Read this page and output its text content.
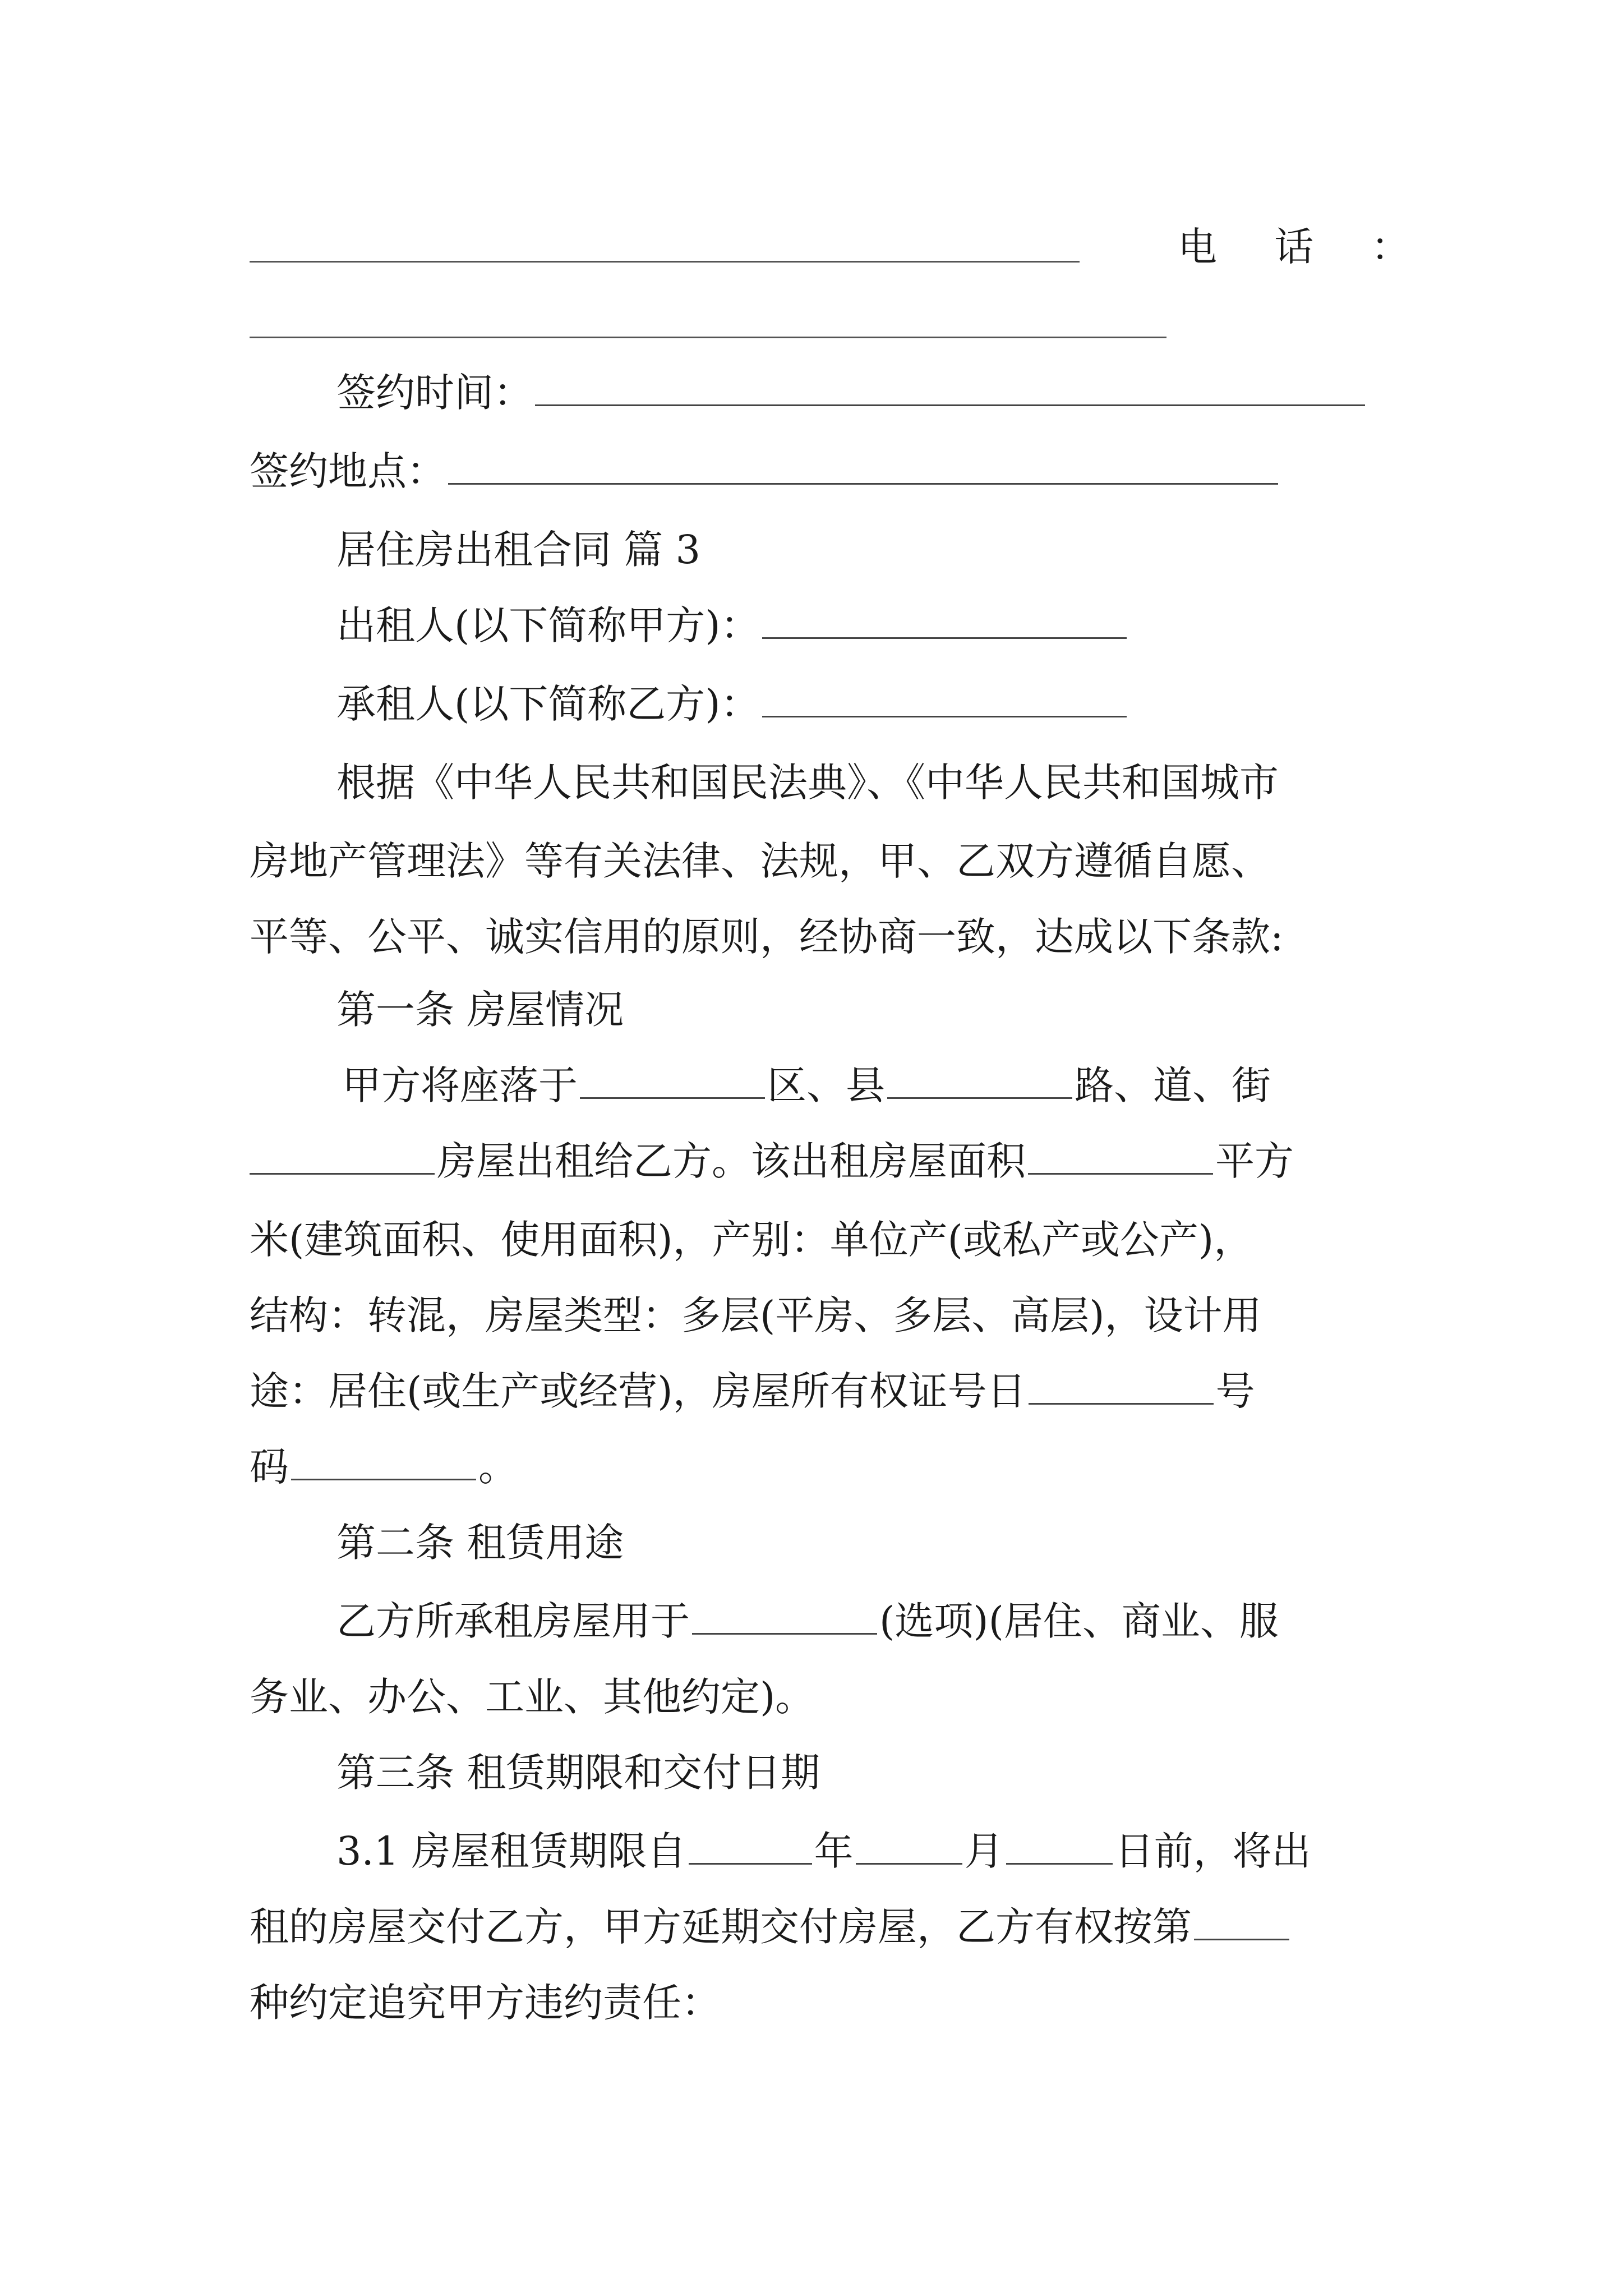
电 话 ：
签约时间：
签约地点：
居住房出租合同 篇 3
出租人(以下简称甲方)：
承租人(以下简称乙方)：
根据《中华人民共和国民法典》、《中华人民共和国城市
房地产管理法》等有关法律、法规，甲、乙双方遵循自愿、
平等、公平、诚实信用的原则，经协商一致，达成以下条款:
第一条 房屋情况
甲方将座落于	区、县	路、道、街
房屋出租给乙方。该出租房屋面积	平方
米(建筑面积、使用面积)，产别：单位产(或私产或公产)，
结构：转混，房屋类型：多层(平房、多层、高层)，设计用
途：居住(或生产或经营)，房屋所有权证号日	号
码	。
第二条 租赁用途
乙方所承租房屋用于	(选项)(居住、商业、服
务业、办公、工业、其他约定)。
第三条 租赁期限和交付日期
3.1 房屋租赁期限自	年	月	日前，将出
租的房屋交付乙方，甲方延期交付房屋，乙方有权按第
种约定追究甲方违约责任：
